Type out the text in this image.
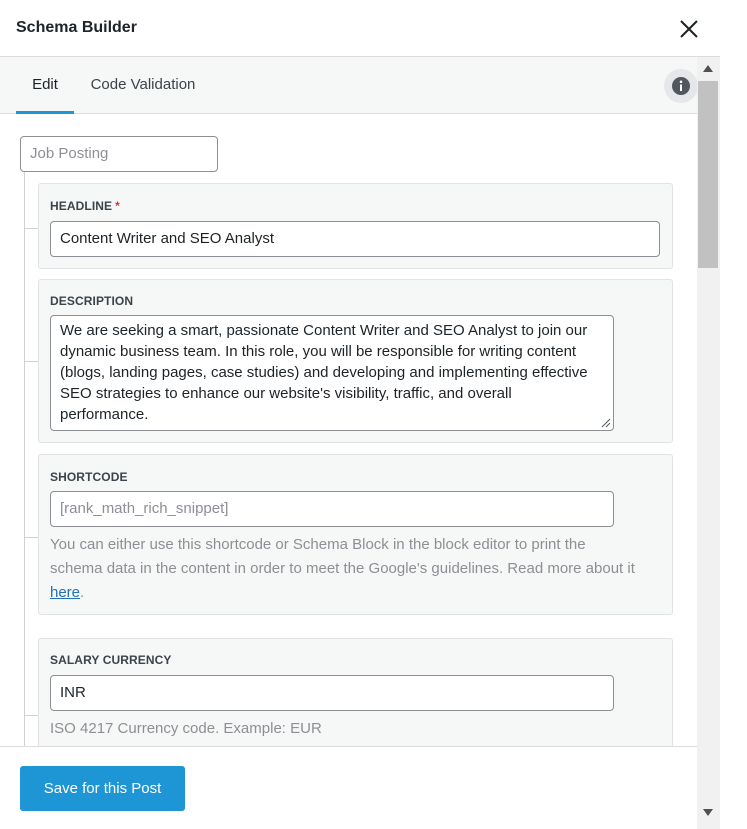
Schema Builder
Edit	Code Validation
Job Posting
HEADLINE *
Content Writer and SEO Analyst
DESCRIPTION
We are seeking a smart, passionate Content Writer and SEO Analyst to join our dynamic business team. In this role, you will be responsible for writing content (blogs, landing pages, case studies) and developing and implementing effective SEO strategies to enhance our website's visibility, traffic, and overall performance.
SHORTCODE
[rank_math_rich_snippet]
You can either use this shortcode or Schema Block in the block editor to print the schema data in the content in order to meet the Google's guidelines. Read more about it here.
SALARY CURRENCY
INR
ISO 4217 Currency code. Example: EUR
Save for this Post
